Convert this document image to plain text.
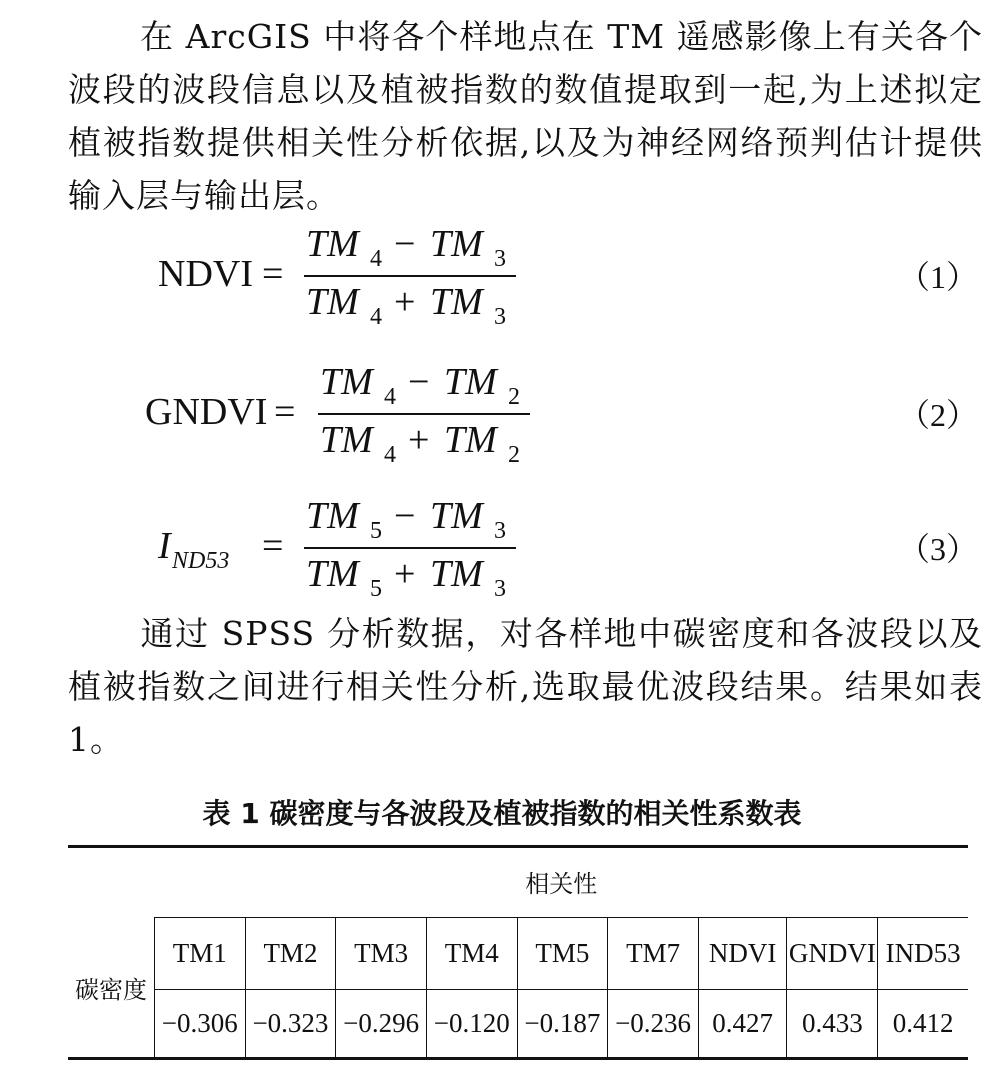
在 ArcGIS 中将各个样地点在 TM 遥感影像上有关各个波段的波段信息以及植被指数的数值提取到一起,为上述拟定植被指数提供相关性分析依据,以及为神经网络预判估计提供输入层与输出层。
NDVI =
TM 4 − TM 3
TM 4 + TM 3
（1）
GNDVI =
TM 4 − TM 2
TM 4 + TM 2
（2）
I ND53 =
TM 5 − TM 3
TM 5 + TM 3
（3）
通过 SPSS 分析数据，对各样地中碳密度和各波段以及植被指数之间进行相关性分析,选取最优波段结果。结果如表 1。
表 1 碳密度与各波段及植被指数的相关性系数表
	相关性								
碳密度	TM1	TM2	TM3	TM4	TM5	TM7	NDVI	GNDVI	IND53
	−0.306	−0.323	−0.296	−0.120	−0.187	−0.236	0.427	0.433	0.412
